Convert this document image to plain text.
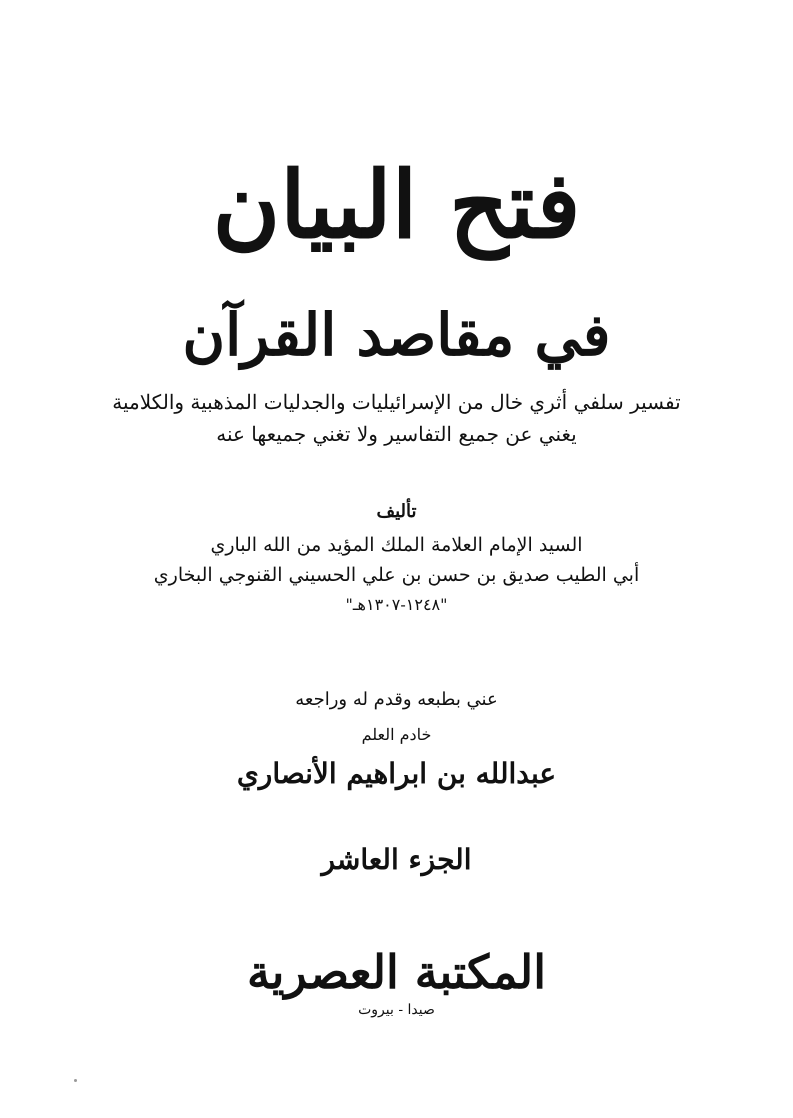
فتح البيان
في مقاصد القرآن
تفسير سلفي أثري خال من الإسرائيليات والجدليات المذهبية والكلامية
يغني عن جميع التفاسير ولا تغني جميعها عنه
تأليف
السيد الإمام العلامة الملك المؤيد من الله الباري
أبي الطيب صديق بن حسن بن علي الحسيني القنوجي البخاري
"١٢٤٨-١٣٠٧هـ"
عني بطبعه وقدم له وراجعه
خادم العلم
عبدالله بن ابراهيم الأنصاري
الجزء العاشر
المكتبة العصرية
صيدا - بيروت
